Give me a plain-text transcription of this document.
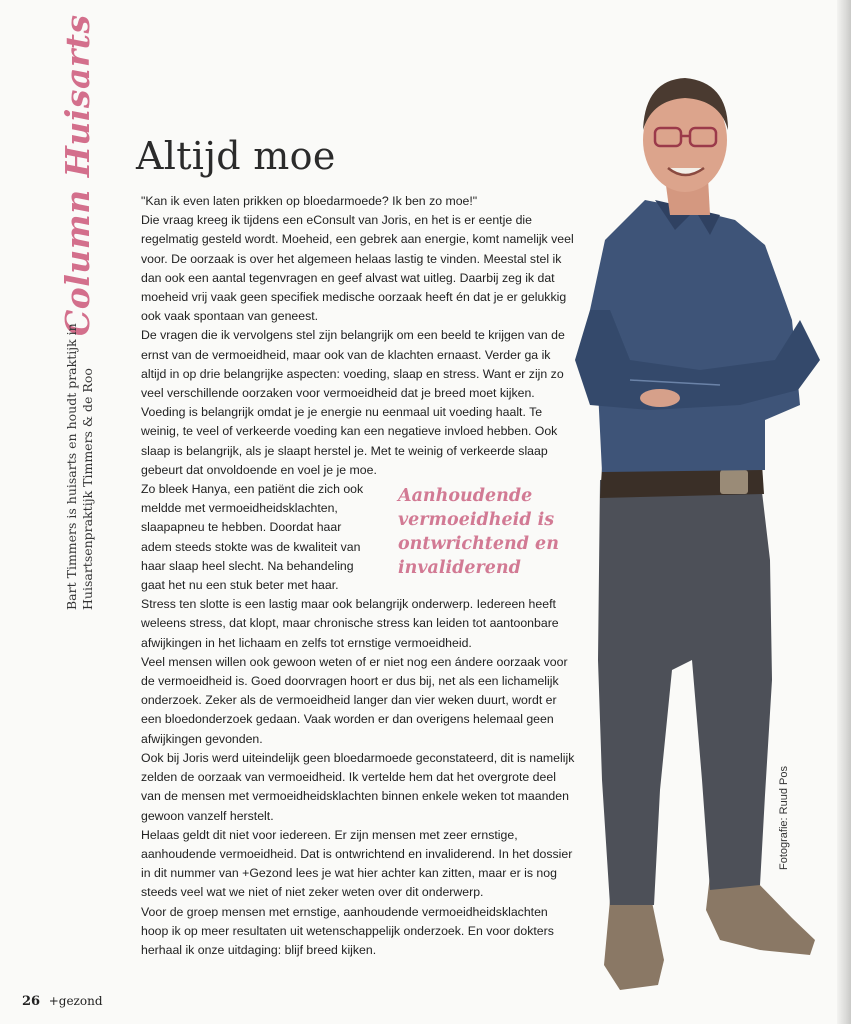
Column Huisarts
Bart Timmers is huisarts en houdt praktijk in Huisartsenpraktijk Timmers & de Roo
Altijd moe

"Kan ik even laten prikken op bloedarmoede? Ik ben zo moe!"

Die vraag kreeg ik tijdens een eConsult van Joris, en het is er eentje die regelmatig gesteld wordt. Moeheid, een gebrek aan energie, komt namelijk veel voor. De oorzaak is over het algemeen helaas lastig te vinden. Meestal stel ik dan ook een aantal tegenvragen en geef alvast wat uitleg. Daarbij zeg ik dat moeheid vrij vaak geen specifiek medische oorzaak heeft én dat je er gelukkig ook vaak spontaan van geneest.

De vragen die ik vervolgens stel zijn belangrijk om een beeld te krijgen van de ernst van de vermoeidheid, maar ook van de klachten ernaast. Verder ga ik altijd in op drie belangrijke aspecten: voeding, slaap en stress. Want er zijn zo veel verschillende oorzaken voor vermoeidheid dat je breed moet kijken.

Voeding is belangrijk omdat je je energie nu eenmaal uit voeding haalt. Te weinig, te veel of verkeerde voeding kan een negatieve invloed hebben. Ook slaap is belangrijk, als je slaapt herstel je. Met te weinig of verkeerde slaap gebeurt dat onvoldoende en voel je je moe.

Zo bleek Hanya, een patiënt die zich ook meldde met vermoeidheidsklachten, slaapapneu te hebben. Doordat haar adem steeds stokte was de kwaliteit van haar slaap heel slecht. Na behandeling gaat het nu een stuk beter met haar.

Stress ten slotte is een lastig maar ook belangrijk onderwerp. Iedereen heeft weleens stress, dat klopt, maar chronische stress kan leiden tot aantoonbare afwijkingen in het lichaam en zelfs tot ernstige vermoeidheid.

Veel mensen willen ook gewoon weten of er niet nog een ándere oorzaak voor de vermoeidheid is. Goed doorvragen hoort er dus bij, net als een lichamelijk onderzoek. Zeker als de vermoeidheid langer dan vier weken duurt, wordt er een bloedonderzoek gedaan. Vaak worden er dan overigens helemaal geen afwijkingen gevonden.

Ook bij Joris werd uiteindelijk geen bloedarmoede geconstateerd, dit is namelijk zelden de oorzaak van vermoeidheid. Ik vertelde hem dat het overgrote deel van de mensen met vermoeidheidsklachten binnen enkele weken tot maanden gewoon vanzelf herstelt.

Helaas geldt dit niet voor iedereen. Er zijn mensen met zeer ernstige, aanhoudende vermoeidheid. Dat is ontwrichtend en invaliderend. In het dossier in dit nummer van +Gezond lees je wat hier achter kan zitten, maar er is nog steeds veel wat we niet of niet zeker weten over dit onderwerp.

Voor de groep mensen met ernstige, aanhoudende vermoeidheidsklachten hoop ik op meer resultaten uit wetenschappelijk onderzoek. En voor dokters herhaal ik onze uitdaging: blijf breed kijken.

Aanhoudende vermoeidheid is ontwrichtend en invaliderend
Fotografie: Ruud Pos
26 +gezond
